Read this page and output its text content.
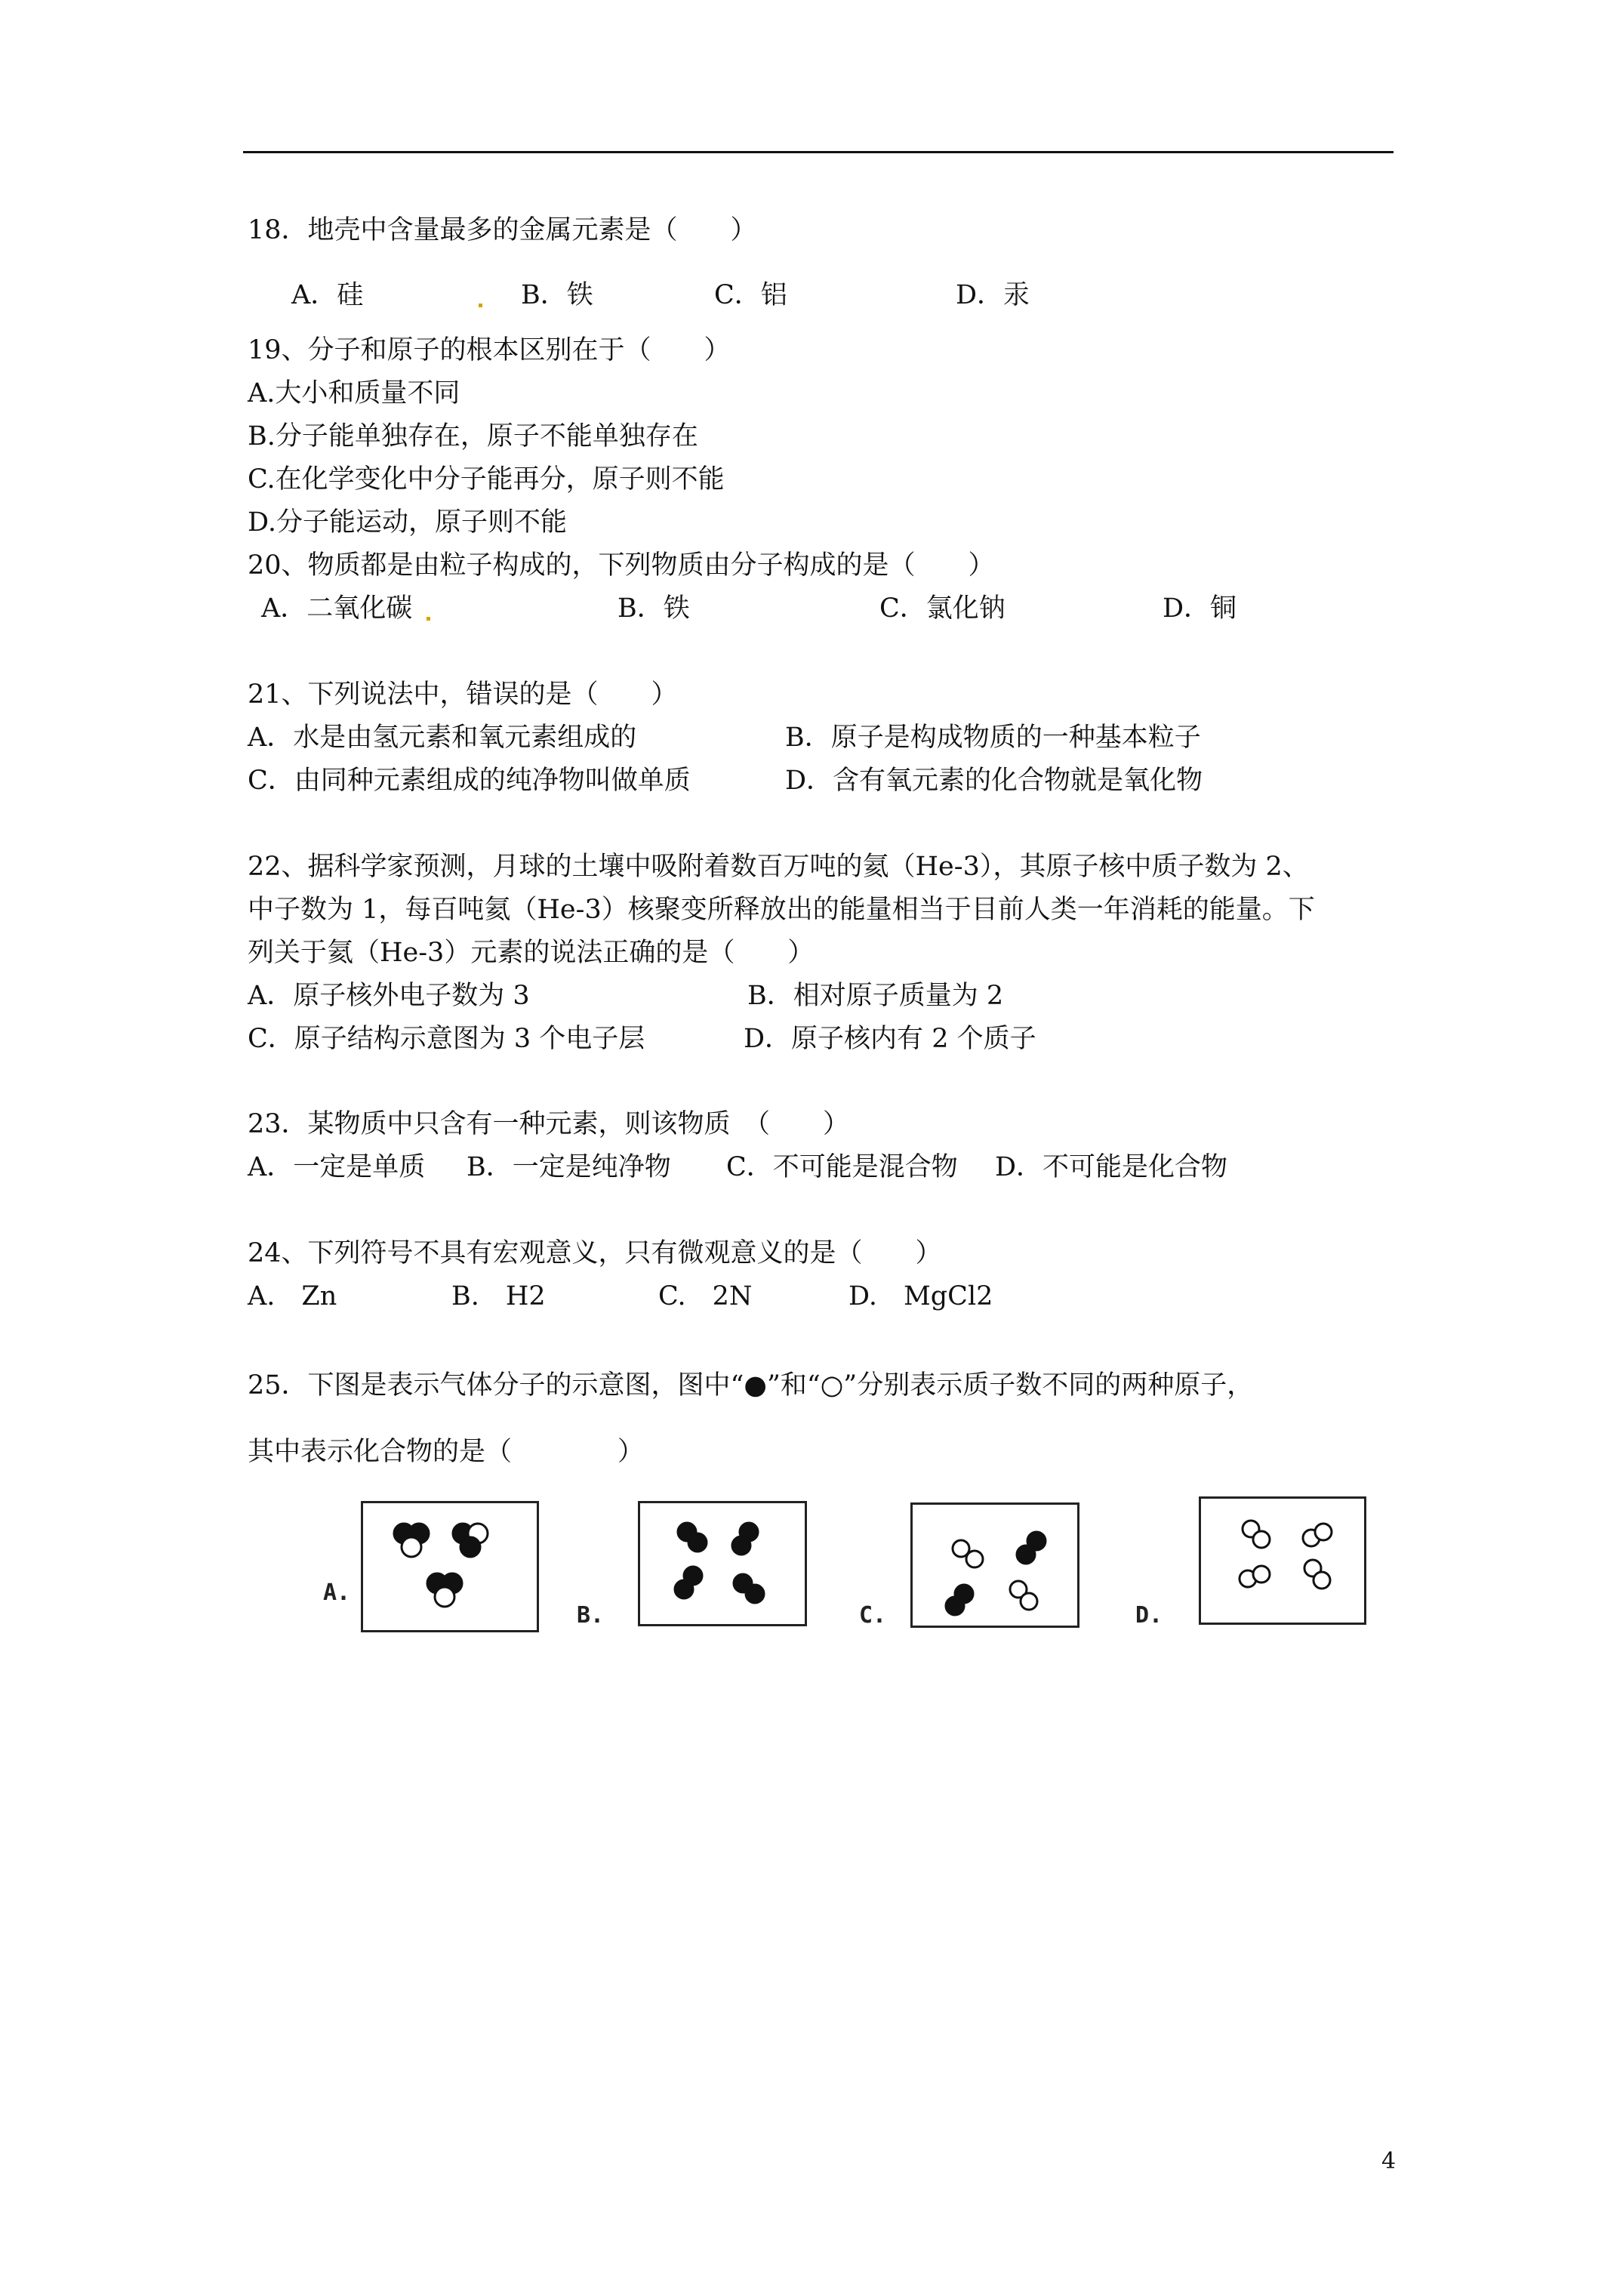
18．地壳中含量最多的金属元素是（　　）
A．硅	B．铁	C．铝	D．汞
19、分子和原子的根本区别在于（　　）
A.大小和质量不同
B.分子能单独存在，原子不能单独存在
C.在化学变化中分子能再分，原子则不能
D.分子能运动，原子则不能
20、物质都是由粒子构成的，下列物质由分子构成的是（　　）
A．二氧化碳	B．铁	C．氯化钠	D．铜
21、下列说法中，错误的是（　　）
A．水是由氢元素和氧元素组成的	B．原子是构成物质的一种基本粒子
C．由同种元素组成的纯净物叫做单质	D．含有氧元素的化合物就是氧化物
22、据科学家预测，月球的土壤中吸附着数百万吨的氦（He-3），其原子核中质子数为 2、
中子数为 1，每百吨氦（He-3）核聚变所释放出的能量相当于目前人类一年消耗的能量。下
列关于氦（He-3）元素的说法正确的是（　　）
A．原子核外电子数为 3	B．相对原子质量为 2
C．原子结构示意图为 3 个电子层	D．原子核内有 2 个质子
23．某物质中只含有一种元素，则该物质　（　　）
A．一定是单质 B．一定是纯净物 C．不可能是混合物 D．不可能是化合物
24、下列符号不具有宏观意义，只有微观意义的是（　　）
A.　Zn	B.　H2	C.　2N	D.　MgCl2
25．下图是表示气体分子的示意图，图中“●”和“○”分别表示质子数不同的两种原子，
其中表示化合物的是（　　　　）
A.
B.	C.	D.
4
